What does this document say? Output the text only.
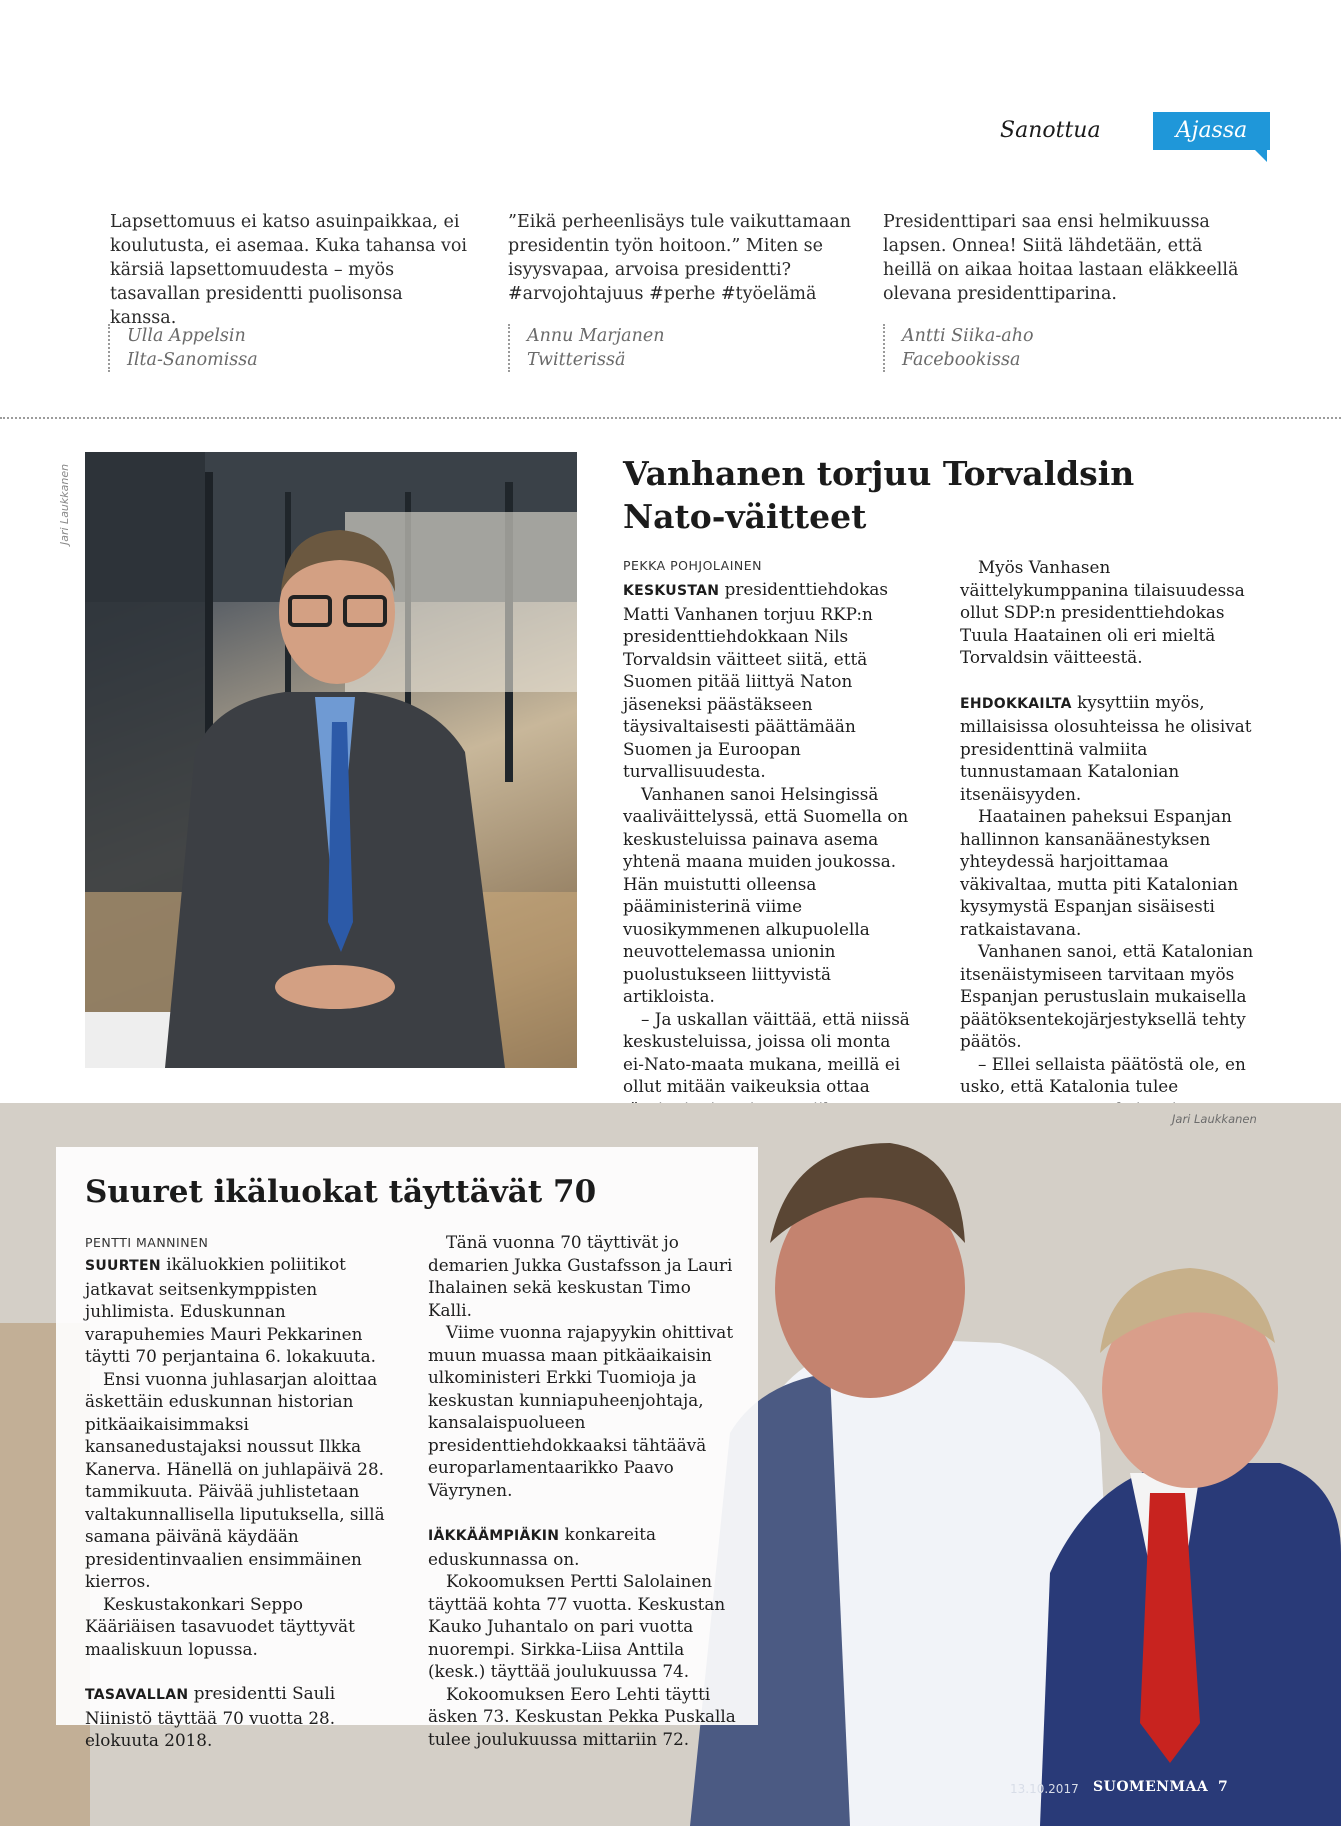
Sanottua	Ajassa
Lapsettomuus ei katso asuinpaikkaa, ei koulutusta, ei asemaa. Kuka tahansa voi kärsiä lapsettomuudesta – myös tasavallan presidentti puolisonsa kanssa.
Ulla Appelsin
Ilta-Sanomissa
”Eikä perheenlisäys tule vaikuttamaan presidentin työn hoitoon.” Miten se isyysvapaa, arvoisa presidentti? #arvojohtajuus #perhe #työelämä
Annu Marjanen
Twitterissä
Presidenttipari saa ensi helmikuussa lapsen. Onnea! Siitä lähdetään, että heillä on aikaa hoitaa lastaan eläkkeellä olevana presidenttiparina.
Antti Siika-aho
Facebookissa
Jari Laukkanen	Vanhanen torjuu Torvaldsin
Nato-väitteet
PEKKA POHJOLAINEN

KESKUSTAN presidenttiehdokas Matti Vanhanen torjuu RKP:n presidenttiehdokkaan Nils Torvaldsin väitteet siitä, että Suomen pitää liittyä Naton jäseneksi päästäkseen täysivaltaisesti päättämään Suomen ja Euroopan turvallisuudesta.

Vanhanen sanoi Helsingissä vaaliväittelyssä, että Suomella on keskusteluissa painava asema yhtenä maana muiden joukossa. Hän muistutti olleensa pääministerinä viime vuosikymmenen alkupuolella neuvottelemassa unionin puolustukseen liittyvistä artikloista.

– Ja uskallan väittää, että niissä keskusteluissa, joissa oli monta ei-Nato-maata mukana, meillä ei ollut mitään vaikeuksia ottaa

Myös Vanhasen väittelykumppanina tilaisuudessa ollut SDP:n presidenttiehdokas Tuula Haatainen oli eri mieltä Torvaldsin väitteestä.

EHDOKKAILTA kysyttiin myös, millaisissa olosuhteissa he olisivat presidenttinä valmiita tunnustamaan Katalonian itsenäisyyden.

Haatainen paheksui Espanjan hallinnon kansanäänestyksen yhteydessä harjoittamaa väkivaltaa, mutta piti Katalonian kysymystä Espanjan sisäisesti ratkaistavana.

Vanhanen sanoi, että Katalonian itsenäistymiseen tarvitaan myös Espanjan perustuslain mukaisella päätöksentekojärjestyksellä tehty päätös.

– Ellei sellaista päätöstä ole, en usko, että Katalonia tulee

Jari Laukkanen
Suuret ikäluokat täyttävät 70
PENTTI MANNINEN

SUURTEN ikäluokkien poliitikot jatkavat seitsenkymppisten juhlimista. Eduskunnan varapuhemies Mauri Pekkarinen täytti 70 perjantaina 6. lokakuuta.

Ensi vuonna juhlasarjan aloittaa äskettäin eduskunnan historian pitkäaikaisimmaksi kansanedustajaksi noussut Ilkka Kanerva. Hänellä on juhlapäivä 28. tammikuuta. Päivää juhlistetaan valtakunnallisella liputuksella, sillä samana päivänä käydään presidentinvaalien ensimmäinen kierros.

Keskustakonkari Seppo Kääriäisen tasavuodet täyttyvät maaliskuun lopussa.

TASAVALLAN presidentti Sauli Niinistö täyttää 70 vuotta 28. elokuuta 2018.

Tänä vuonna 70 täyttivät jo demarien Jukka Gustafsson ja Lauri Ihalainen sekä keskustan Timo Kalli.

Viime vuonna rajapyykin ohittivat muun muassa maan pitkäaikaisin ulkoministeri Erkki Tuomioja ja keskustan kunniapuheenjohtaja, kansalaispuolueen presidenttiehdokkaaksi tähtäävä europarlamentaarikko Paavo Väyrynen.

IÄKKÄÄMPIÄKIN konkareita eduskunnassa on.

Kokoomuksen Pertti Salolainen täyttää kohta 77 vuotta. Keskustan Kauko Juhantalo on pari vuotta nuorempi. Sirkka-Liisa Anttila (kesk.) täyttää joulukuussa 74.

Kokoomuksen Eero Lehti täytti äsken 73. Keskustan Pekka Puskalla tulee joulukuussa mittariin 72.

13.10.2017 SUOMENMAA 7
